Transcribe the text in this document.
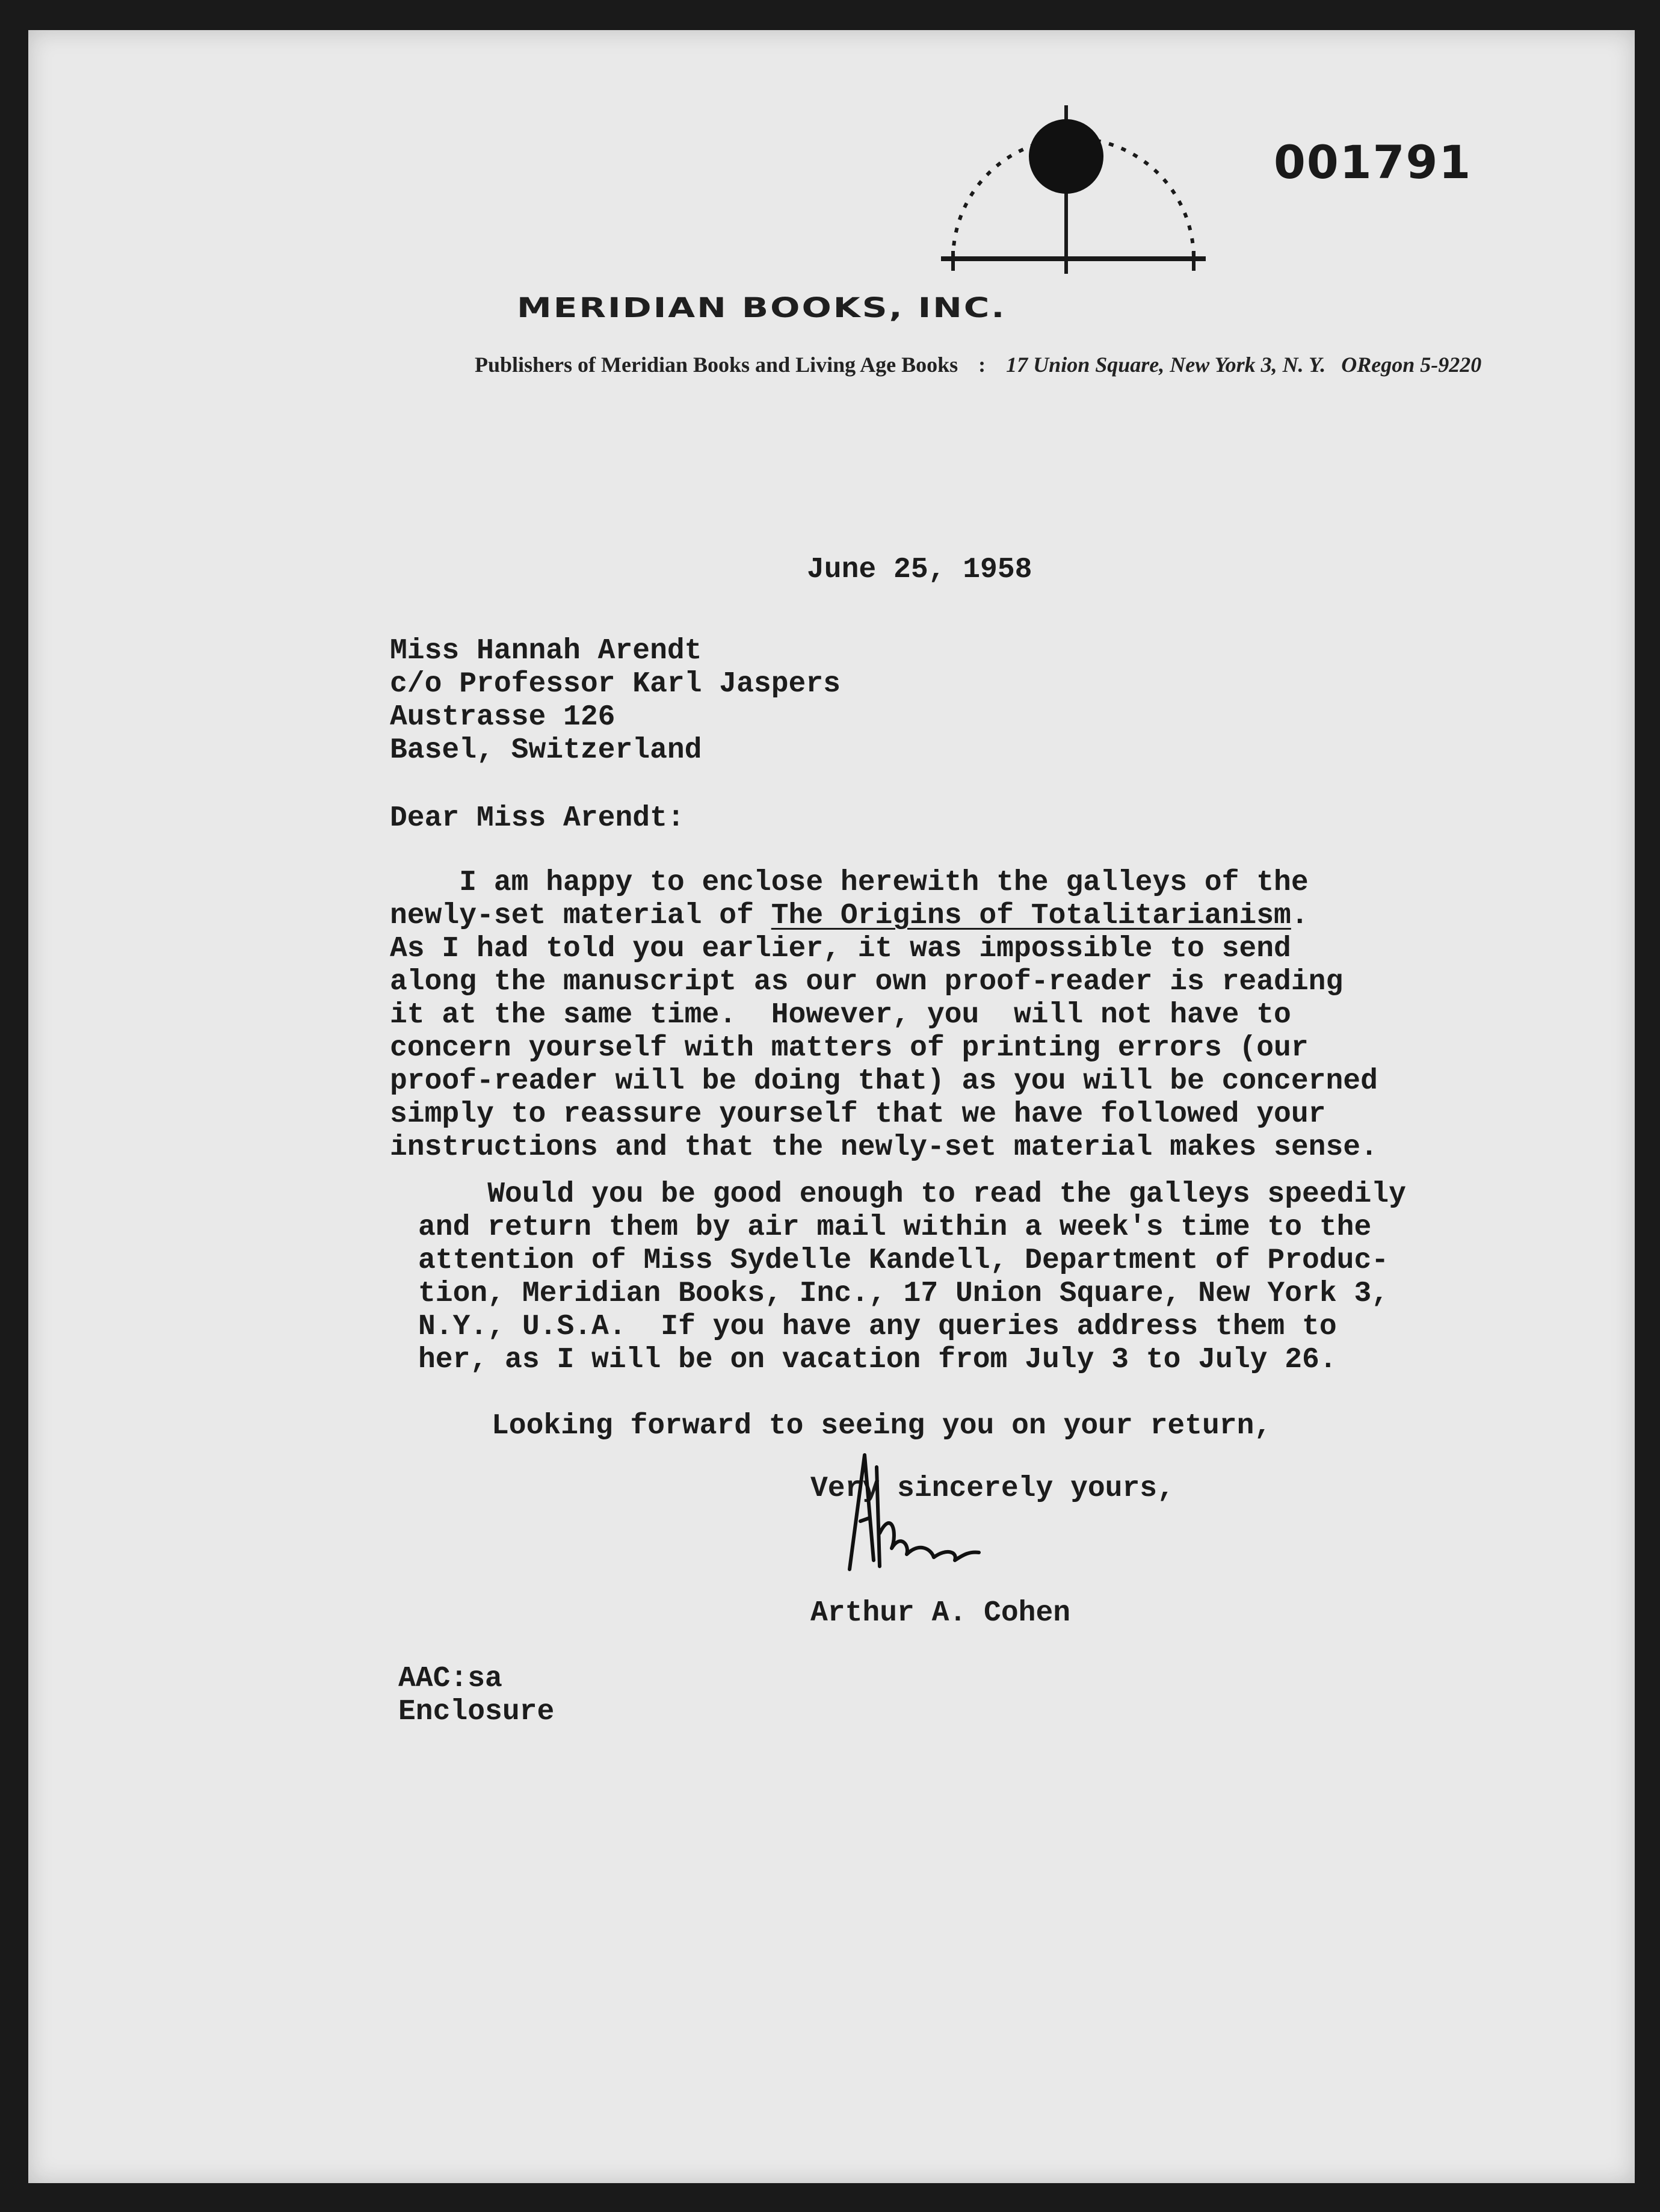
001791
MERIDIAN BOOKS, INC.
Publishers of Meridian Books and Living Age Books : 17 Union Square, New York 3, N. Y. ORegon 5-9220
June 25, 1958
Miss Hannah Arendt
c/o Professor Karl Jaspers
Austrasse 126
Basel, Switzerland
Dear Miss Arendt:
I am happy to enclose herewith the galleys of the
newly-set material of The Origins of Totalitarianism.
As I had told you earlier, it was impossible to send
along the manuscript as our own proof-reader is reading
it at the same time.  However, you  will not have to
concern yourself with matters of printing errors (our
proof-reader will be doing that) as you will be concerned
simply to reassure yourself that we have followed your
instructions and that the newly-set material makes sense.
Would you be good enough to read the galleys speedily
and return them by air mail within a week's time to the
attention of Miss Sydelle Kandell, Department of Produc-
tion, Meridian Books, Inc., 17 Union Square, New York 3,
N.Y., U.S.A.  If you have any queries address them to
her, as I will be on vacation from July 3 to July 26.
Looking forward to seeing you on your return,
Very sincerely yours,
Arthur A. Cohen
AAC:sa
Enclosure
